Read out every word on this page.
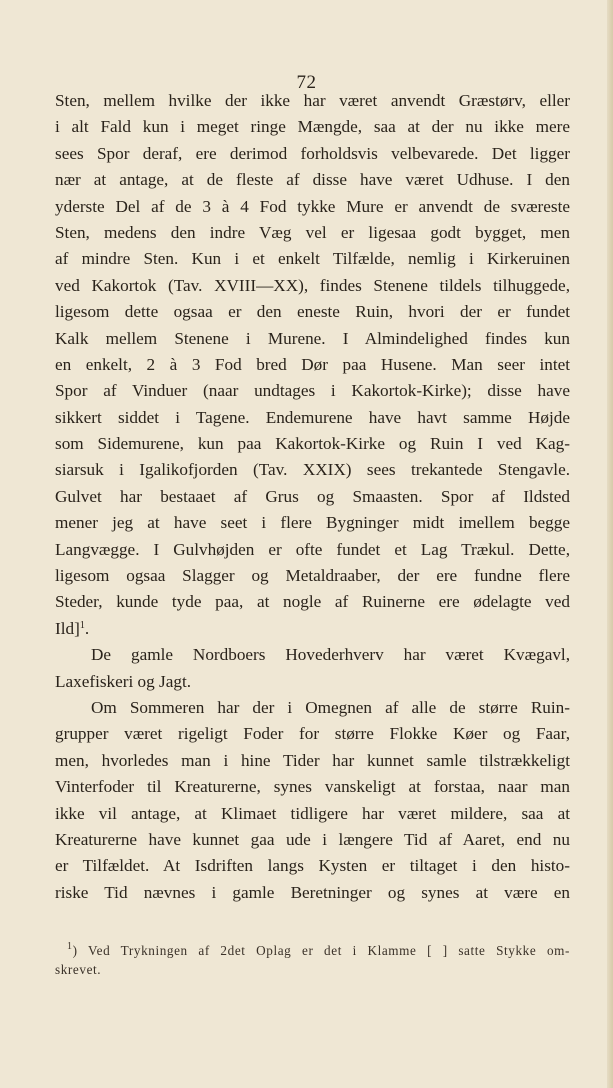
72
Sten, mellem hvilke der ikke har været anvendt Græstørv, eller
i alt Fald kun i meget ringe Mængde, saa at der nu ikke mere
sees Spor deraf, ere derimod forholdsvis velbevarede. Det ligger
nær at antage, at de fleste af disse have været Udhuse. I den
yderste Del af de 3 à 4 Fod tykke Mure er anvendt de sværeste
Sten, medens den indre Væg vel er ligesaa godt bygget, men
af mindre Sten. Kun i et enkelt Tilfælde, nemlig i Kirkeruinen
ved Kakortok (Tav. XVIII—XX), findes Stenene tildels tilhuggede,
ligesom dette ogsaa er den eneste Ruin, hvori der er fundet
Kalk mellem Stenene i Murene. I Almindelighed findes kun
en enkelt, 2 à 3 Fod bred Dør paa Husene. Man seer intet
Spor af Vinduer (naar undtages i Kakortok-Kirke); disse have
sikkert siddet i Tagene. Endemurene have havt samme Højde
som Sidemurene, kun paa Kakortok-Kirke og Ruin I ved Kag-
siarsuk i Igalikofjorden (Tav. XXIX) sees trekantede Stengavle.
Gulvet har bestaaet af Grus og Smaasten. Spor af Ildsted
mener jeg at have seet i flere Bygninger midt imellem begge
Langvægge. I Gulvhøjden er ofte fundet et Lag Trækul. Dette,
ligesom ogsaa Slagger og Metaldraaber, der ere fundne flere
Steder, kunde tyde paa, at nogle af Ruinerne ere ødelagte ved
Ild]$^1$.
De gamle Nordboers Hovederhverv har været Kvægavl,
Laxefiskeri og Jagt.
Om Sommeren har der i Omegnen af alle de større Ruin-
grupper været rigeligt Foder for større Flokke Køer og Faar,
men, hvorledes man i hine Tider har kunnet samle tilstrækkeligt
Vinterfoder til Kreaturerne, synes vanskeligt at forstaa, naar man
ikke vil antage, at Klimaet tidligere har været mildere, saa at
Kreaturerne have kunnet gaa ude i længere Tid af Aaret, end nu
er Tilfældet. At Isdriften langs Kysten er tiltaget i den histo-
riske Tid nævnes i gamle Beretninger og synes at være en
$^1$) Ved Trykningen af 2det Oplag er det i Klamme [ ] satte Stykke om-
skrevet.
